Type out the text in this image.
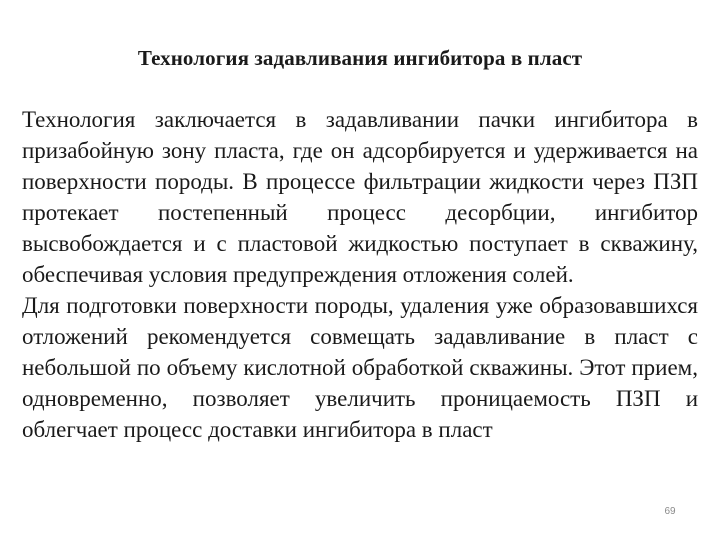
Технология задавливания ингибитора в пласт

Технология заключается в задавливании пачки ингибитора в призабойную зону пласта, где он адсорбируется и удерживается на поверхности породы. В процессе фильтрации жидкости через ПЗП протекает постепенный процесс десорбции, ингибитор высвобождается и с пластовой жидкостью поступает в скважину, обеспечивая условия предупреждения отложения солей.

Для подготовки поверхности породы, удаления уже образовавшихся отложений рекомендуется совмещать задавливание в пласт с небольшой по объему кислотной обработкой скважины. Этот прием, одновременно, позволяет увеличить проницаемость ПЗП и облегчает процесс доставки ингибитора в пласт

69
